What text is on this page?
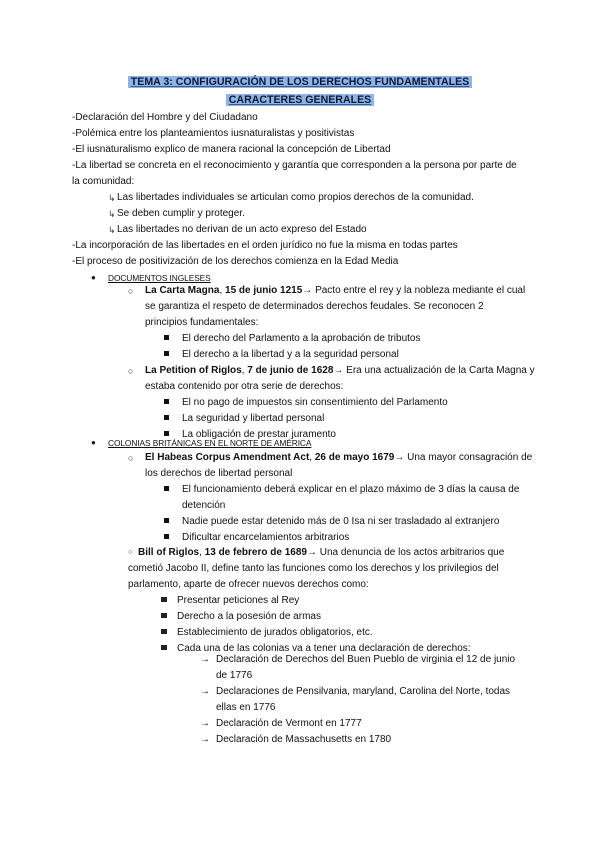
TEMA 3: CONFIGURACIÓN DE LOS DERECHOS FUNDAMENTALES
CARACTERES GENERALES
-Declaración del Hombre y del Ciudadano
-Polémica entre los planteamientos iusnaturalistas y positivistas
-El iusnaturalismo explico de manera racional la concepción de Libertad
-La libertad se concreta en el reconocimiento y garantía que corresponden a la persona por parte de
la comunidad:
↳ Las libertades individuales se articulan como propios derechos de la comunidad.
↳ Se deben cumplir y proteger.
↳ Las libertades no derivan de un acto expreso del Estado
-La incorporación de las libertades en el orden jurídico no fue la misma en todas partes
-El proceso de positivización de los derechos comienza en la Edad Media
● DOCUMENTOS INGLESES
○ La Carta Magna, 15 de junio 1215→ Pacto entre el rey y la nobleza mediante el cual
se garantiza el respeto de determinados derechos feudales. Se reconocen 2
principios fundamentales:
El derecho del Parlamento a la aprobación de tributos
El derecho a la libertad y a la seguridad personal
○ La Petition of Riglos, 7 de junio de 1628→ Era una actualización de la Carta Magna y
estaba contenido por otra serie de derechos:
El no pago de impuestos sin consentimiento del Parlamento
La seguridad y libertad personal
La obligación de prestar juramento
● COLONIAS BRITÁNICAS EN EL NORTE DE AMÉRICA
○ El Habeas Corpus Amendment Act, 26 de mayo 1679→ Una mayor consagración de
los derechos de libertad personal
El funcionamiento deberá explicar en el plazo máximo de 3 días la causa de
detención
Nadie puede estar detenido más de 0 Isa ni ser trasladado al extranjero
Dificultar encarcelamientos arbitrarios
○ Bill of Riglos, 13 de febrero de 1689→ Una denuncia de los actos arbitrarios que
cometió Jacobo II, define tanto las funciones como los derechos y los privilegios del
parlamento, aparte de ofrecer nuevos derechos como:
Presentar peticiones al Rey
Derecho a la posesión de armas
Establecimiento de jurados obligatorios, etc.
Cada una de las colonias va a tener una declaración de derechos:
→ Declaración de Derechos del Buen Pueblo de virginia el 12 de junio
de 1776
→ Declaraciones de Pensilvania, maryland, Carolina del Norte, todas
ellas en 1776
→ Declaración de Vermont en 1777
→ Declaración de Massachusetts en 1780
